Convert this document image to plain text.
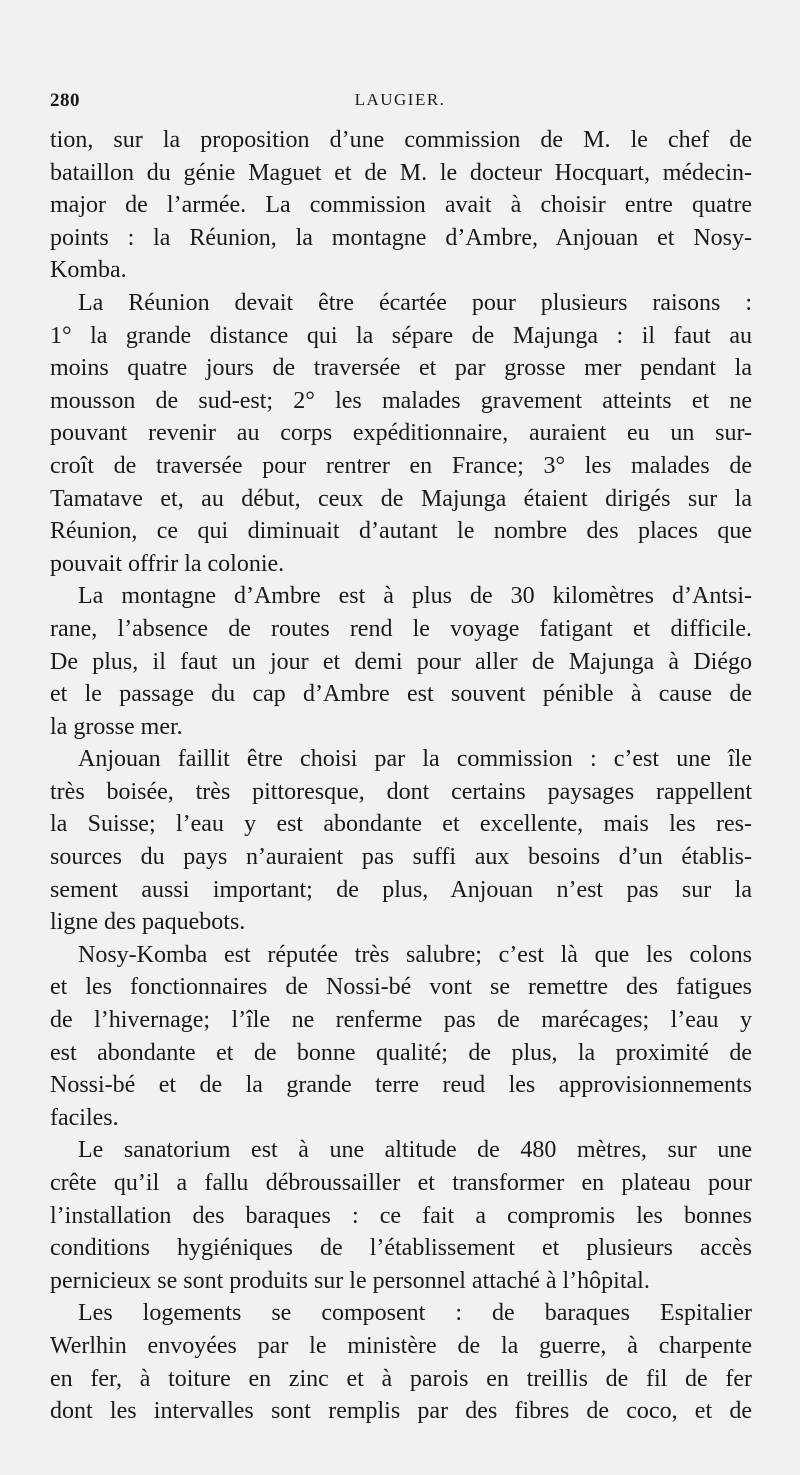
280	LAUGIER.

tion, sur la proposition d’une commission de M. le chef de
bataillon du génie Maguet et de M. le docteur Hocquart, médecin-
major de l’armée. La commission avait à choisir entre quatre
points : la Réunion, la montagne d’Ambre, Anjouan et Nosy-
Komba.

La Réunion devait être écartée pour plusieurs raisons :
1° la grande distance qui la sépare de Majunga : il faut au
moins quatre jours de traversée et par grosse mer pendant la
mousson de sud-est; 2° les malades gravement atteints et ne
pouvant revenir au corps expéditionnaire, auraient eu un sur-
croît de traversée pour rentrer en France; 3° les malades de
Tamatave et, au début, ceux de Majunga étaient dirigés sur la
Réunion, ce qui diminuait d’autant le nombre des places que
pouvait offrir la colonie.

La montagne d’Ambre est à plus de 30 kilomètres d’Antsi-
rane, l’absence de routes rend le voyage fatigant et difficile.
De plus, il faut un jour et demi pour aller de Majunga à Diégo
et le passage du cap d’Ambre est souvent pénible à cause de
la grosse mer.

Anjouan faillit être choisi par la commission : c’est une île
très boisée, très pittoresque, dont certains paysages rappellent
la Suisse; l’eau y est abondante et excellente, mais les res-
sources du pays n’auraient pas suffi aux besoins d’un établis-
sement aussi important; de plus, Anjouan n’est pas sur la
ligne des paquebots.

Nosy-Komba est réputée très salubre; c’est là que les colons
et les fonctionnaires de Nossi-bé vont se remettre des fatigues
de l’hivernage; l’île ne renferme pas de marécages; l’eau y
est abondante et de bonne qualité; de plus, la proximité de
Nossi-bé et de la grande terre reud les approvisionnements
faciles.

Le sanatorium est à une altitude de 480 mètres, sur une
crête qu’il a fallu débroussailler et transformer en plateau pour
l’installation des baraques : ce fait a compromis les bonnes
conditions hygiéniques de l’établissement et plusieurs accès
pernicieux se sont produits sur le personnel attaché à l’hôpital.

Les logements se composent : de baraques Espitalier
Werlhin envoyées par le ministère de la guerre, à charpente
en fer, à toiture en zinc et à parois en treillis de fil de fer
dont les intervalles sont remplis par des fibres de coco, et de
